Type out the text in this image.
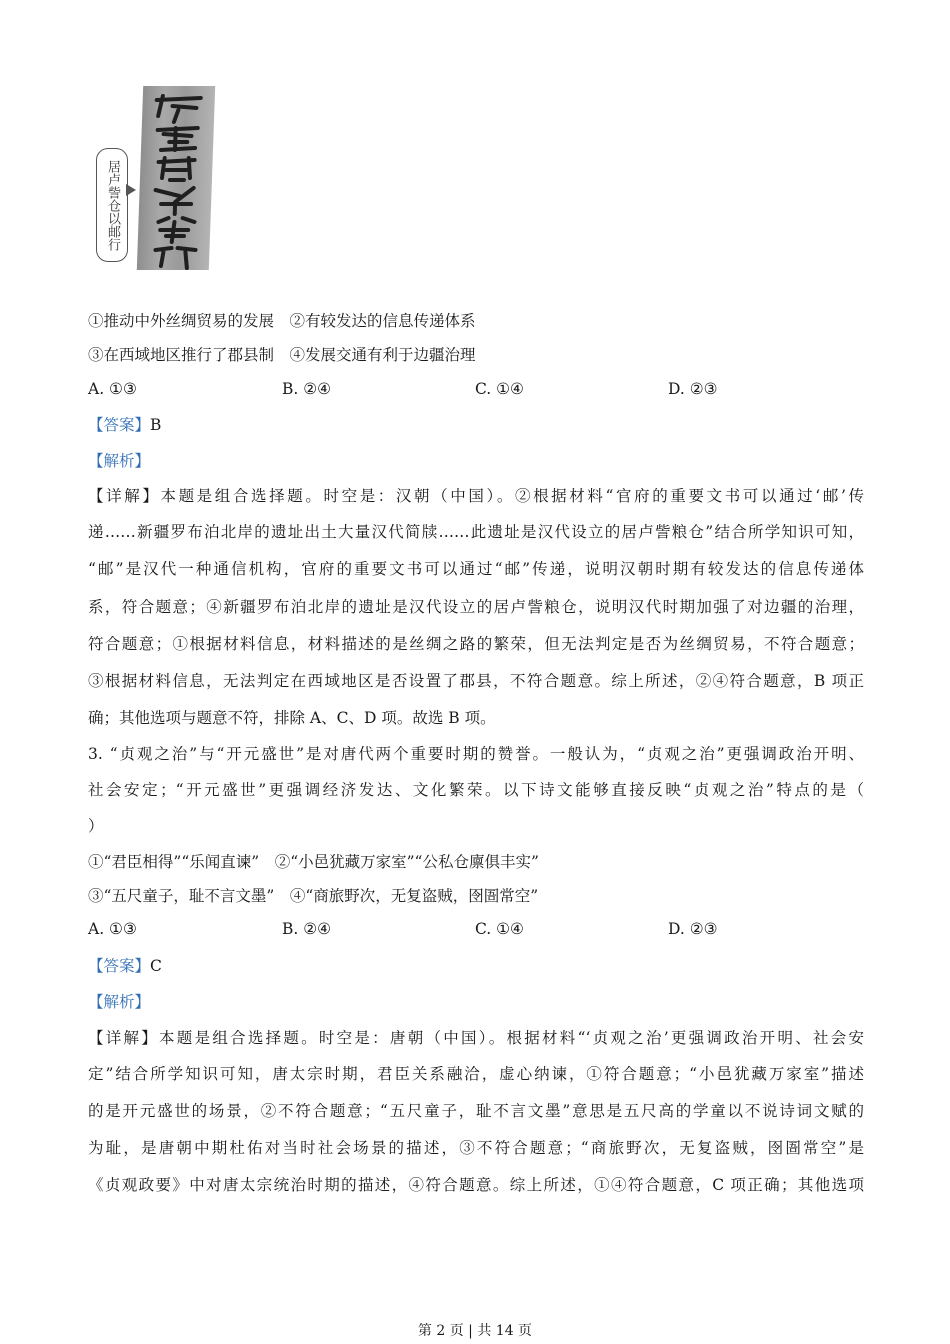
居卢訾仓以邮行
①推动中外丝绸贸易的发展　②有较发达的信息传递体系
③在西域地区推行了郡县制　④发展交通有利于边疆治理
A. ①③	B. ②④	C. ①④	D. ②③
【答案】B
【解析】
【详解】本题是组合选择题。时空是：汉朝（中国）。②根据材料“官府的重要文书可以通过‘邮’传
递……新疆罗布泊北岸的遗址出土大量汉代简牍……此遗址是汉代设立的居卢訾粮仓”结合所学知识可知，
“邮”是汉代一种通信机构，官府的重要文书可以通过“邮”传递，说明汉朝时期有较发达的信息传递体
系，符合题意；④新疆罗布泊北岸的遗址是汉代设立的居卢訾粮仓，说明汉代时期加强了对边疆的治理，
符合题意；①根据材料信息，材料描述的是丝绸之路的繁荣，但无法判定是否为丝绸贸易，不符合题意；
③根据材料信息，无法判定在西域地区是否设置了郡县，不符合题意。综上所述，②④符合题意，B 项正
确；其他选项与题意不符，排除 A、C、D 项。故选 B 项。
3. “贞观之治”与“开元盛世”是对唐代两个重要时期的赞誉。一般认为，“贞观之治”更强调政治开明、
社会安定；“开元盛世”更强调经济发达、文化繁荣。以下诗文能够直接反映“贞观之治”特点的是（
）
①“君臣相得”“乐闻直谏”　②“小邑犹藏万家室”“公私仓廪俱丰实”
③“五尺童子，耻不言文墨”　④“商旅野次，无复盗贼，囹圄常空”
A. ①③	B. ②④	C. ①④	D. ②③
【答案】C
【解析】
【详解】本题是组合选择题。时空是：唐朝（中国）。根据材料“‘贞观之治’更强调政治开明、社会安
定”结合所学知识可知，唐太宗时期，君臣关系融洽，虚心纳谏，①符合题意；“小邑犹藏万家室”描述
的是开元盛世的场景，②不符合题意；“五尺童子，耻不言文墨”意思是五尺高的学童以不说诗词文赋的
为耻，是唐朝中期杜佑对当时社会场景的描述，③不符合题意；“商旅野次，无复盗贼，囹圄常空”是
《贞观政要》中对唐太宗统治时期的描述，④符合题意。综上所述，①④符合题意，C 项正确；其他选项
第 2 页 | 共 14 页
